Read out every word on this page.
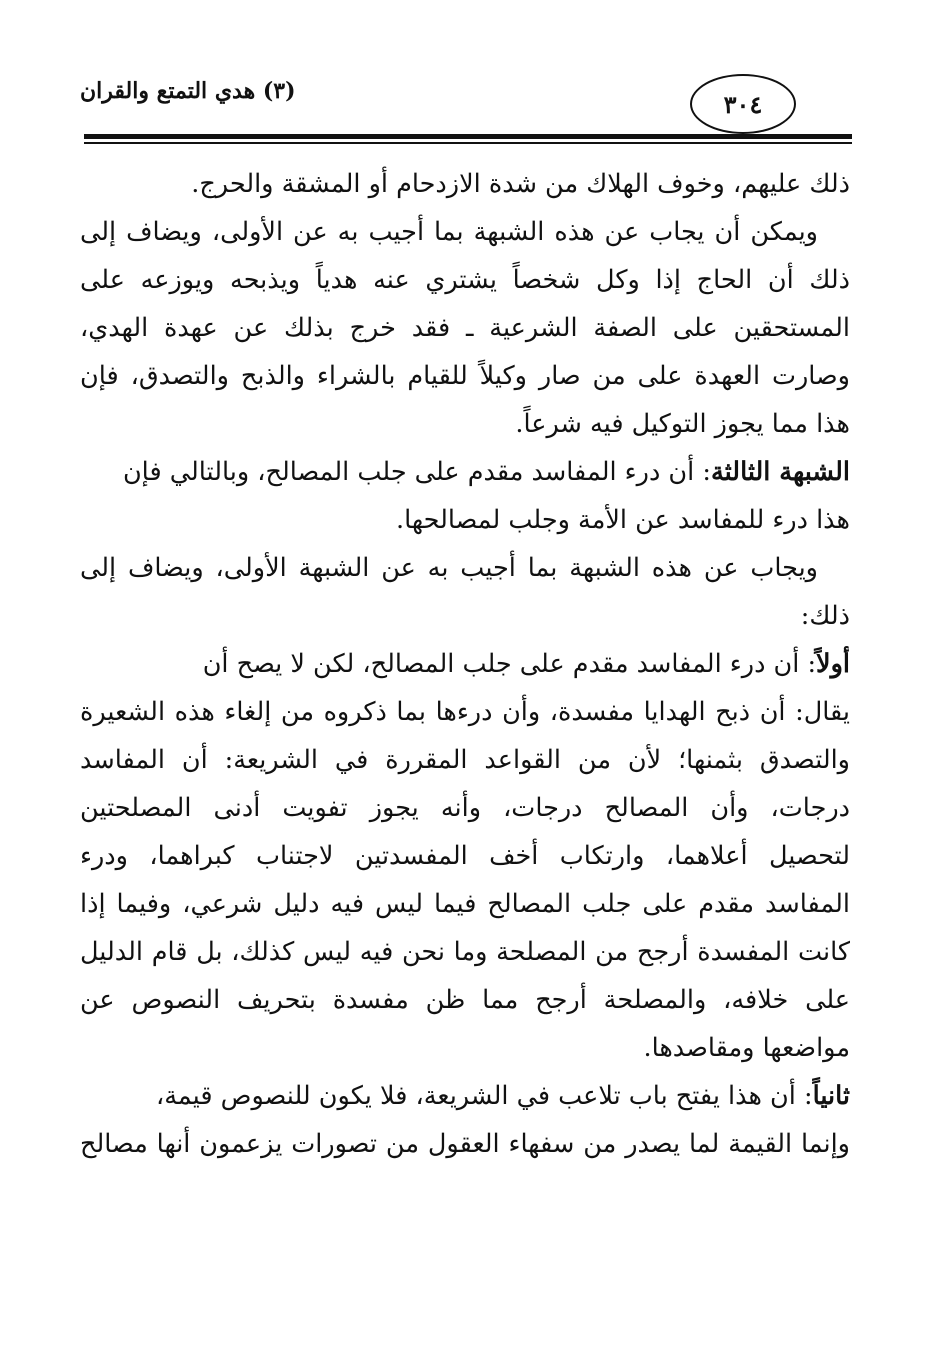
(٣) هدي التمتع والقران	٣٠٤
ذلك عليهم، وخوف الهلاك من شدة الازدحام أو المشقة والحرج.
ويمكن أن يجاب عن هذه الشبهة بما أجيب به عن الأولى، ويضاف إلى
ذلك أن الحاج إذا وكل شخصاً يشتري عنه هدياً ويذبحه ويوزعه على
المستحقين على الصفة الشرعية ـ فقد خرج بذلك عن عهدة الهدي،
وصارت العهدة على من صار وكيلاً للقيام بالشراء والذبح والتصدق، فإن
هذا مما يجوز التوكيل فيه شرعاً.
الشبهة الثالثة: أن درء المفاسد مقدم على جلب المصالح، وبالتالي فإن
هذا درء للمفاسد عن الأمة وجلب لمصالحها.
ويجاب عن هذه الشبهة بما أجيب به عن الشبهة الأولى، ويضاف إلى
ذلك:
أولاً: أن درء المفاسد مقدم على جلب المصالح، لكن لا يصح أن
يقال: أن ذبح الهدايا مفسدة، وأن درءها بما ذكروه من إلغاء هذه الشعيرة
والتصدق بثمنها؛ لأن من القواعد المقررة في الشريعة: أن المفاسد
درجات، وأن المصالح درجات، وأنه يجوز تفويت أدنى المصلحتين
لتحصيل أعلاهما، وارتكاب أخف المفسدتين لاجتناب كبراهما، ودرء
المفاسد مقدم على جلب المصالح فيما ليس فيه دليل شرعي، وفيما إذا
كانت المفسدة أرجح من المصلحة وما نحن فيه ليس كذلك، بل قام الدليل
على خلافه، والمصلحة أرجح مما ظن مفسدة بتحريف النصوص عن
مواضعها ومقاصدها.
ثانياً: أن هذا يفتح باب تلاعب في الشريعة، فلا يكون للنصوص قيمة،
وإنما القيمة لما يصدر من سفهاء العقول من تصورات يزعمون أنها مصالح
